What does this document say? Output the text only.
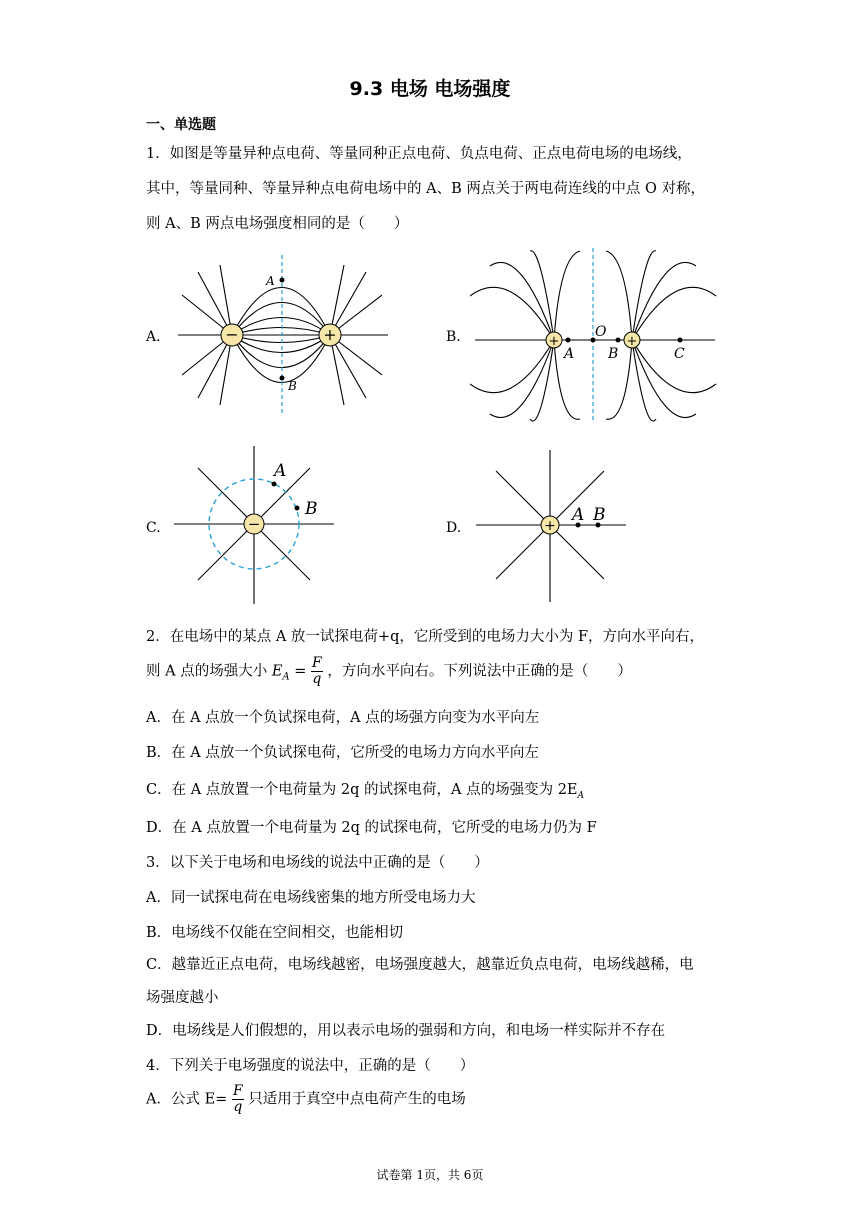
9.3 电场 电场强度
一、单选题
1．如图是等量异种点电荷、等量同种正点电荷、负点电荷、正点电荷电场的电场线，
其中，等量同种、等量异种点电荷电场中的 A、B 两点关于两电荷连线的中点 O 对称，
则 A、B 两点电场强度相同的是（　　）
A.	B.
C.	D.
−	+
A
B
+	+
A
O
B	C
−
A
B
+
A B
2．在电场中的某点 A 放一试探电荷+q，它所受到的电场力大小为 F，方向水平向右，
则 A 点的场强大小 $E_A = \frac{F}{q}$ ，方向水平向右。下列说法中正确的是（　　）
A．在 A 点放一个负试探电荷，A 点的场强方向变为水平向左
B．在 A 点放一个负试探电荷，它所受的电场力方向水平向左
C．在 A 点放置一个电荷量为 2q 的试探电荷，A 点的场强变为 $2E_A$
D．在 A 点放置一个电荷量为 2q 的试探电荷，它所受的电场力仍为 F
3．以下关于电场和电场线的说法中正确的是（　　）
A．同一试探电荷在电场线密集的地方所受电场力大
B．电场线不仅能在空间相交，也能相切
C．越靠近正点电荷，电场线越密，电场强度越大，越靠近负点电荷，电场线越稀，电
场强度越小
D．电场线是人们假想的，用以表示电场的强弱和方向，和电场一样实际并不存在
4．下列关于电场强度的说法中，正确的是（　　）
A．公式 $E= \frac{F}{q}$ 只适用于真空中点电荷产生的电场
试卷第 1页，共 6页
